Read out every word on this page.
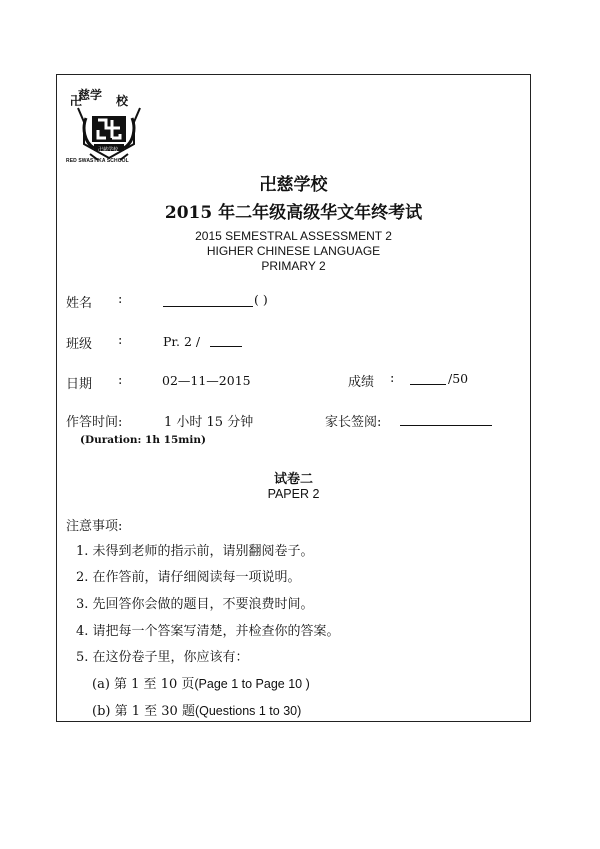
慈学
卍	校
卍慈学校
RED SWASTIKA SCHOOL
卍慈学校
2015 年二年级高级华文年终考试
2015 SEMESTRAL ASSESSMENT 2
HIGHER CHINESE LANGUAGE
PRIMARY 2
姓名 :	( )
班级 :	Pr. 2 /
日期 :	02—11—2015	成绩 :	/50
作答时间:	1 小时 15 分钟	家长签阅:
(Duration: 1h 15min)
试卷二
PAPER 2
注意事项:
1. 未得到老师的指示前，请别翻阅卷子。
2. 在作答前，请仔细阅读每一项说明。
3. 先回答你会做的题目，不要浪费时间。
4. 请把每一个答案写清楚，并检查你的答案。
5. 在这份卷子里，你应该有：
(a) 第 1 至 10 页(Page 1 to Page 10 )
(b) 第 1 至 30 题(Questions 1 to 30)
